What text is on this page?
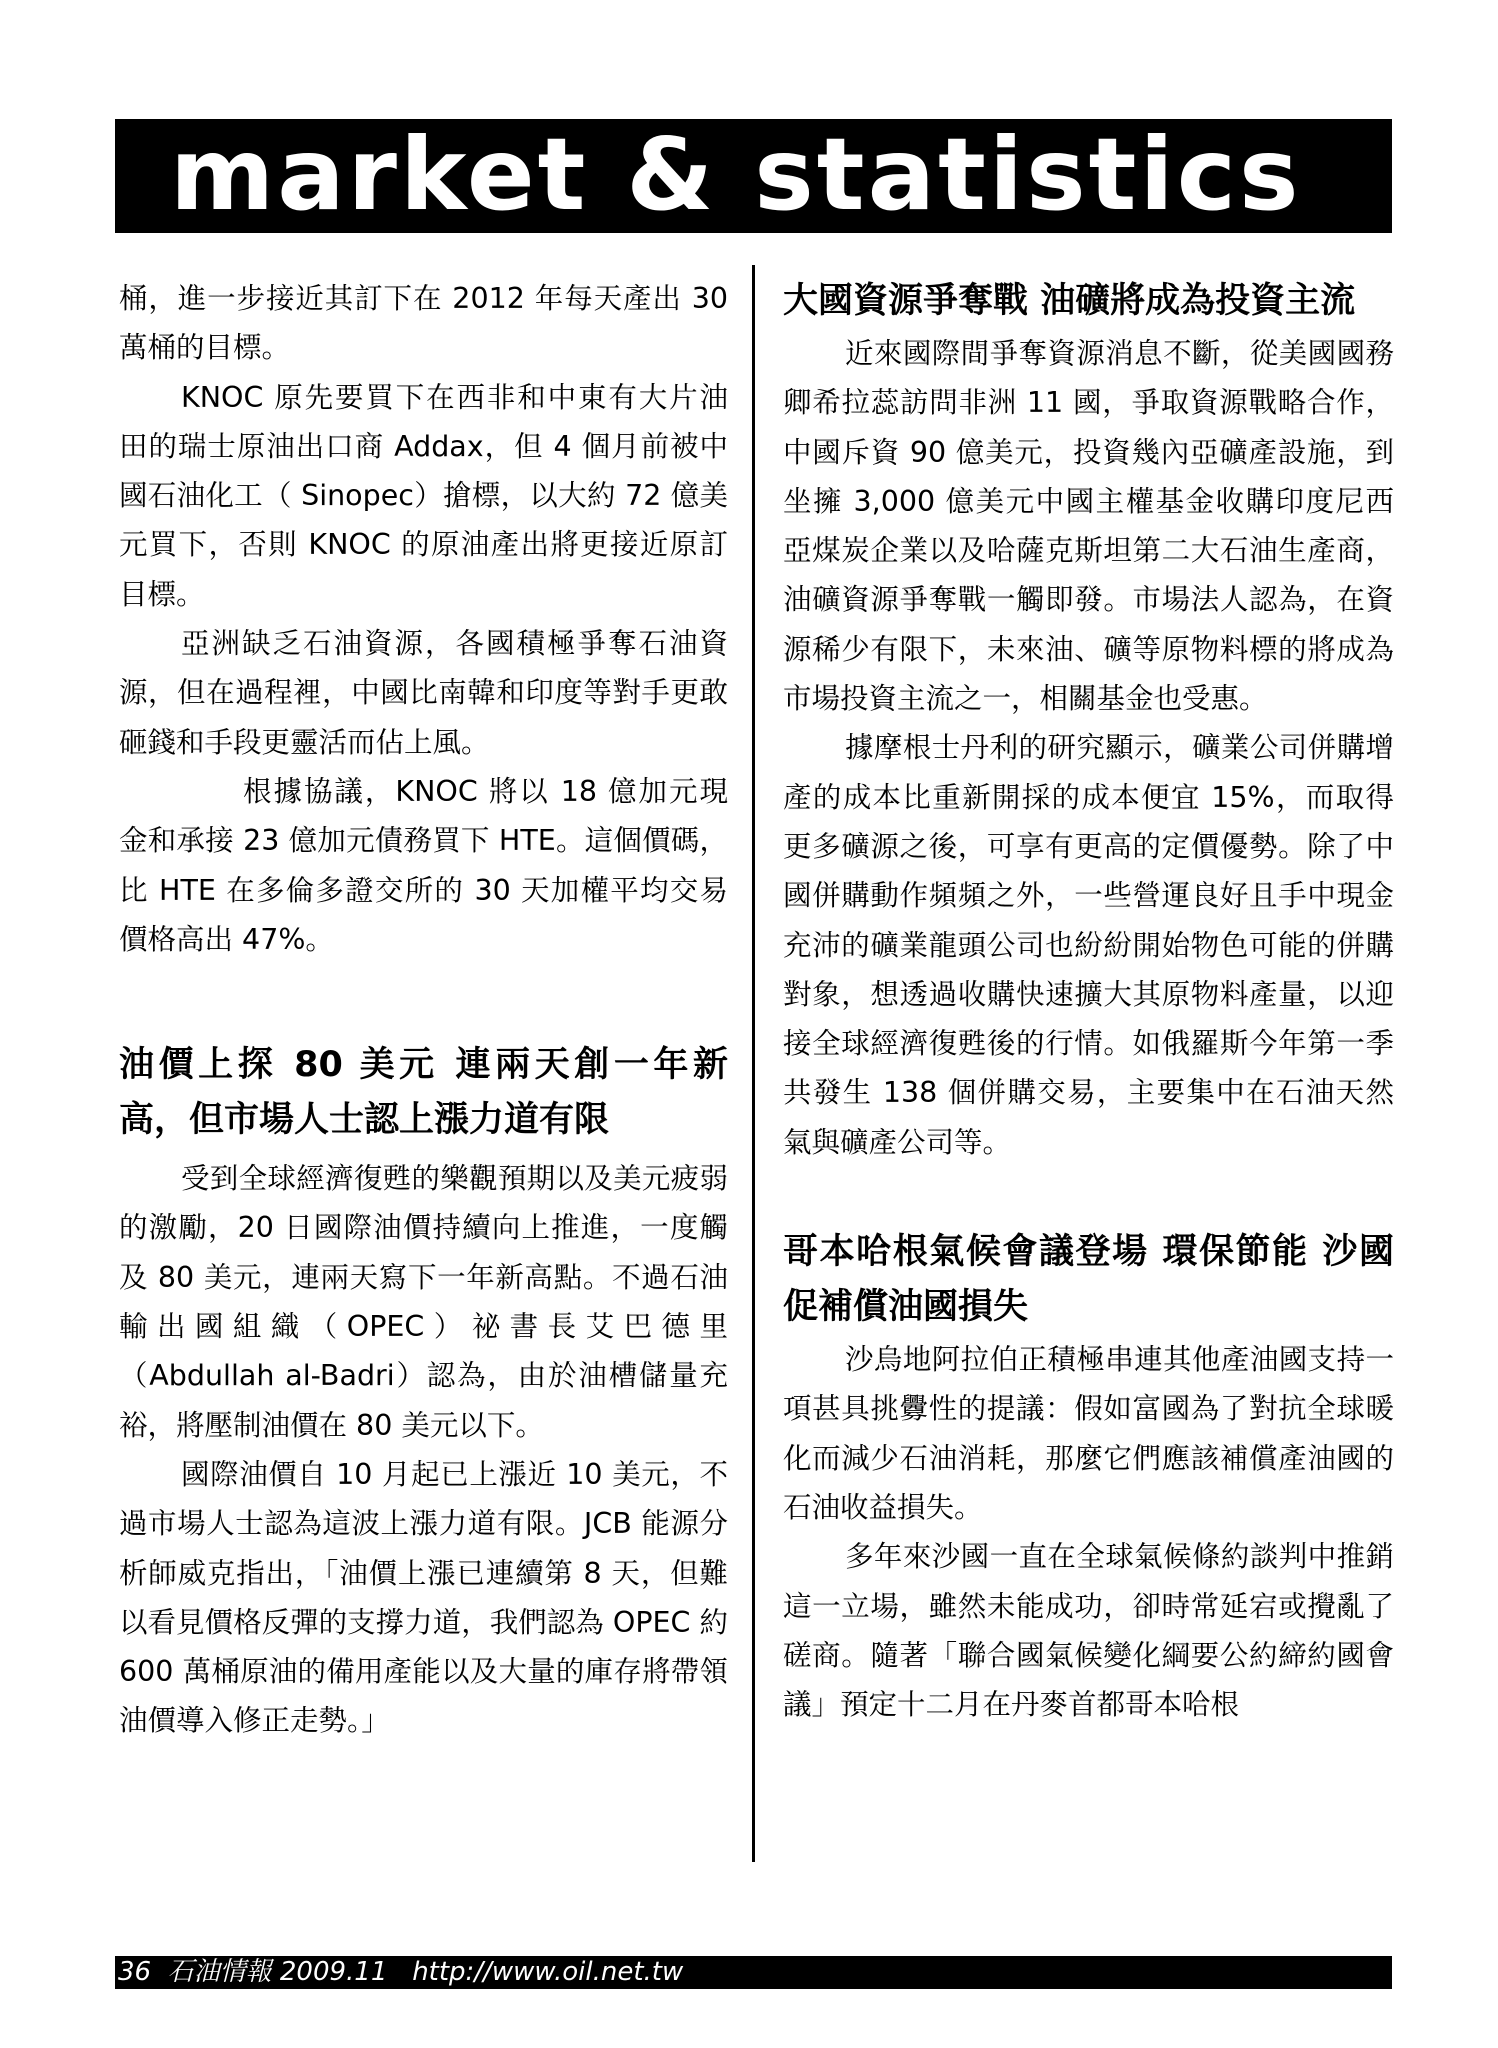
market & statistics

桶，進一步接近其訂下在 2012 年每天產出 30 萬桶的目標。

KNOC 原先要買下在西非和中東有大片油田的瑞士原油出口商 Addax，但 4 個月前被中國石油化工（ Sinopec）搶標，以大約 72 億美元買下，否則 KNOC 的原油產出將更接近原訂目標。

亞洲缺乏石油資源，各國積極爭奪石油資源，但在過程裡，中國比南韓和印度等對手更敢砸錢和手段更靈活而佔上風。

根據協議，KNOC 將以 18 億加元現金和承接 23 億加元債務買下 HTE。這個價碼，比 HTE 在多倫多證交所的 30 天加權平均交易價格高出 47%。

油價上探 80 美元 連兩天創一年新高，但市場人士認上漲力道有限

受到全球經濟復甦的樂觀預期以及美元疲弱的激勵，20 日國際油價持續向上推進，一度觸及 80 美元，連兩天寫下一年新高點。不過石油輸出國組織（OPEC）祕書長艾巴德里（Abdullah al-Badri）認為，由於油槽儲量充裕，將壓制油價在 80 美元以下。

國際油價自 10 月起已上漲近 10 美元，不過市場人士認為這波上漲力道有限。JCB 能源分析師威克指出，「油價上漲已連續第 8 天，但難以看見價格反彈的支撐力道，我們認為 OPEC 約 600 萬桶原油的備用產能以及大量的庫存將帶領油價導入修正走勢。」

大國資源爭奪戰 油礦將成為投資主流

近來國際間爭奪資源消息不斷，從美國國務卿希拉蕊訪問非洲 11 國，爭取資源戰略合作，中國斥資 90 億美元，投資幾內亞礦產設施，到坐擁 3,000 億美元中國主權基金收購印度尼西亞煤炭企業以及哈薩克斯坦第二大石油生產商，油礦資源爭奪戰一觸即發。市場法人認為，在資源稀少有限下，未來油、礦等原物料標的將成為市場投資主流之一，相關基金也受惠。

據摩根士丹利的研究顯示，礦業公司併購增產的成本比重新開採的成本便宜 15%，而取得更多礦源之後，可享有更高的定價優勢。除了中國併購動作頻頻之外，一些營運良好且手中現金充沛的礦業龍頭公司也紛紛開始物色可能的併購對象，想透過收購快速擴大其原物料產量，以迎接全球經濟復甦後的行情。如俄羅斯今年第一季共發生 138 個併購交易，主要集中在石油天然氣與礦產公司等。

哥本哈根氣候會議登場 環保節能 沙國促補償油國損失

沙烏地阿拉伯正積極串連其他產油國支持一項甚具挑釁性的提議：假如富國為了對抗全球暖化而減少石油消耗，那麼它們應該補償產油國的石油收益損失。

多年來沙國一直在全球氣候條約談判中推銷這一立場，雖然未能成功，卻時常延宕或攪亂了磋商。隨著「聯合國氣候變化綱要公約締約國會議」預定十二月在丹麥首都哥本哈根

36  石油情報 2009.11   http://www.oil.net.tw
